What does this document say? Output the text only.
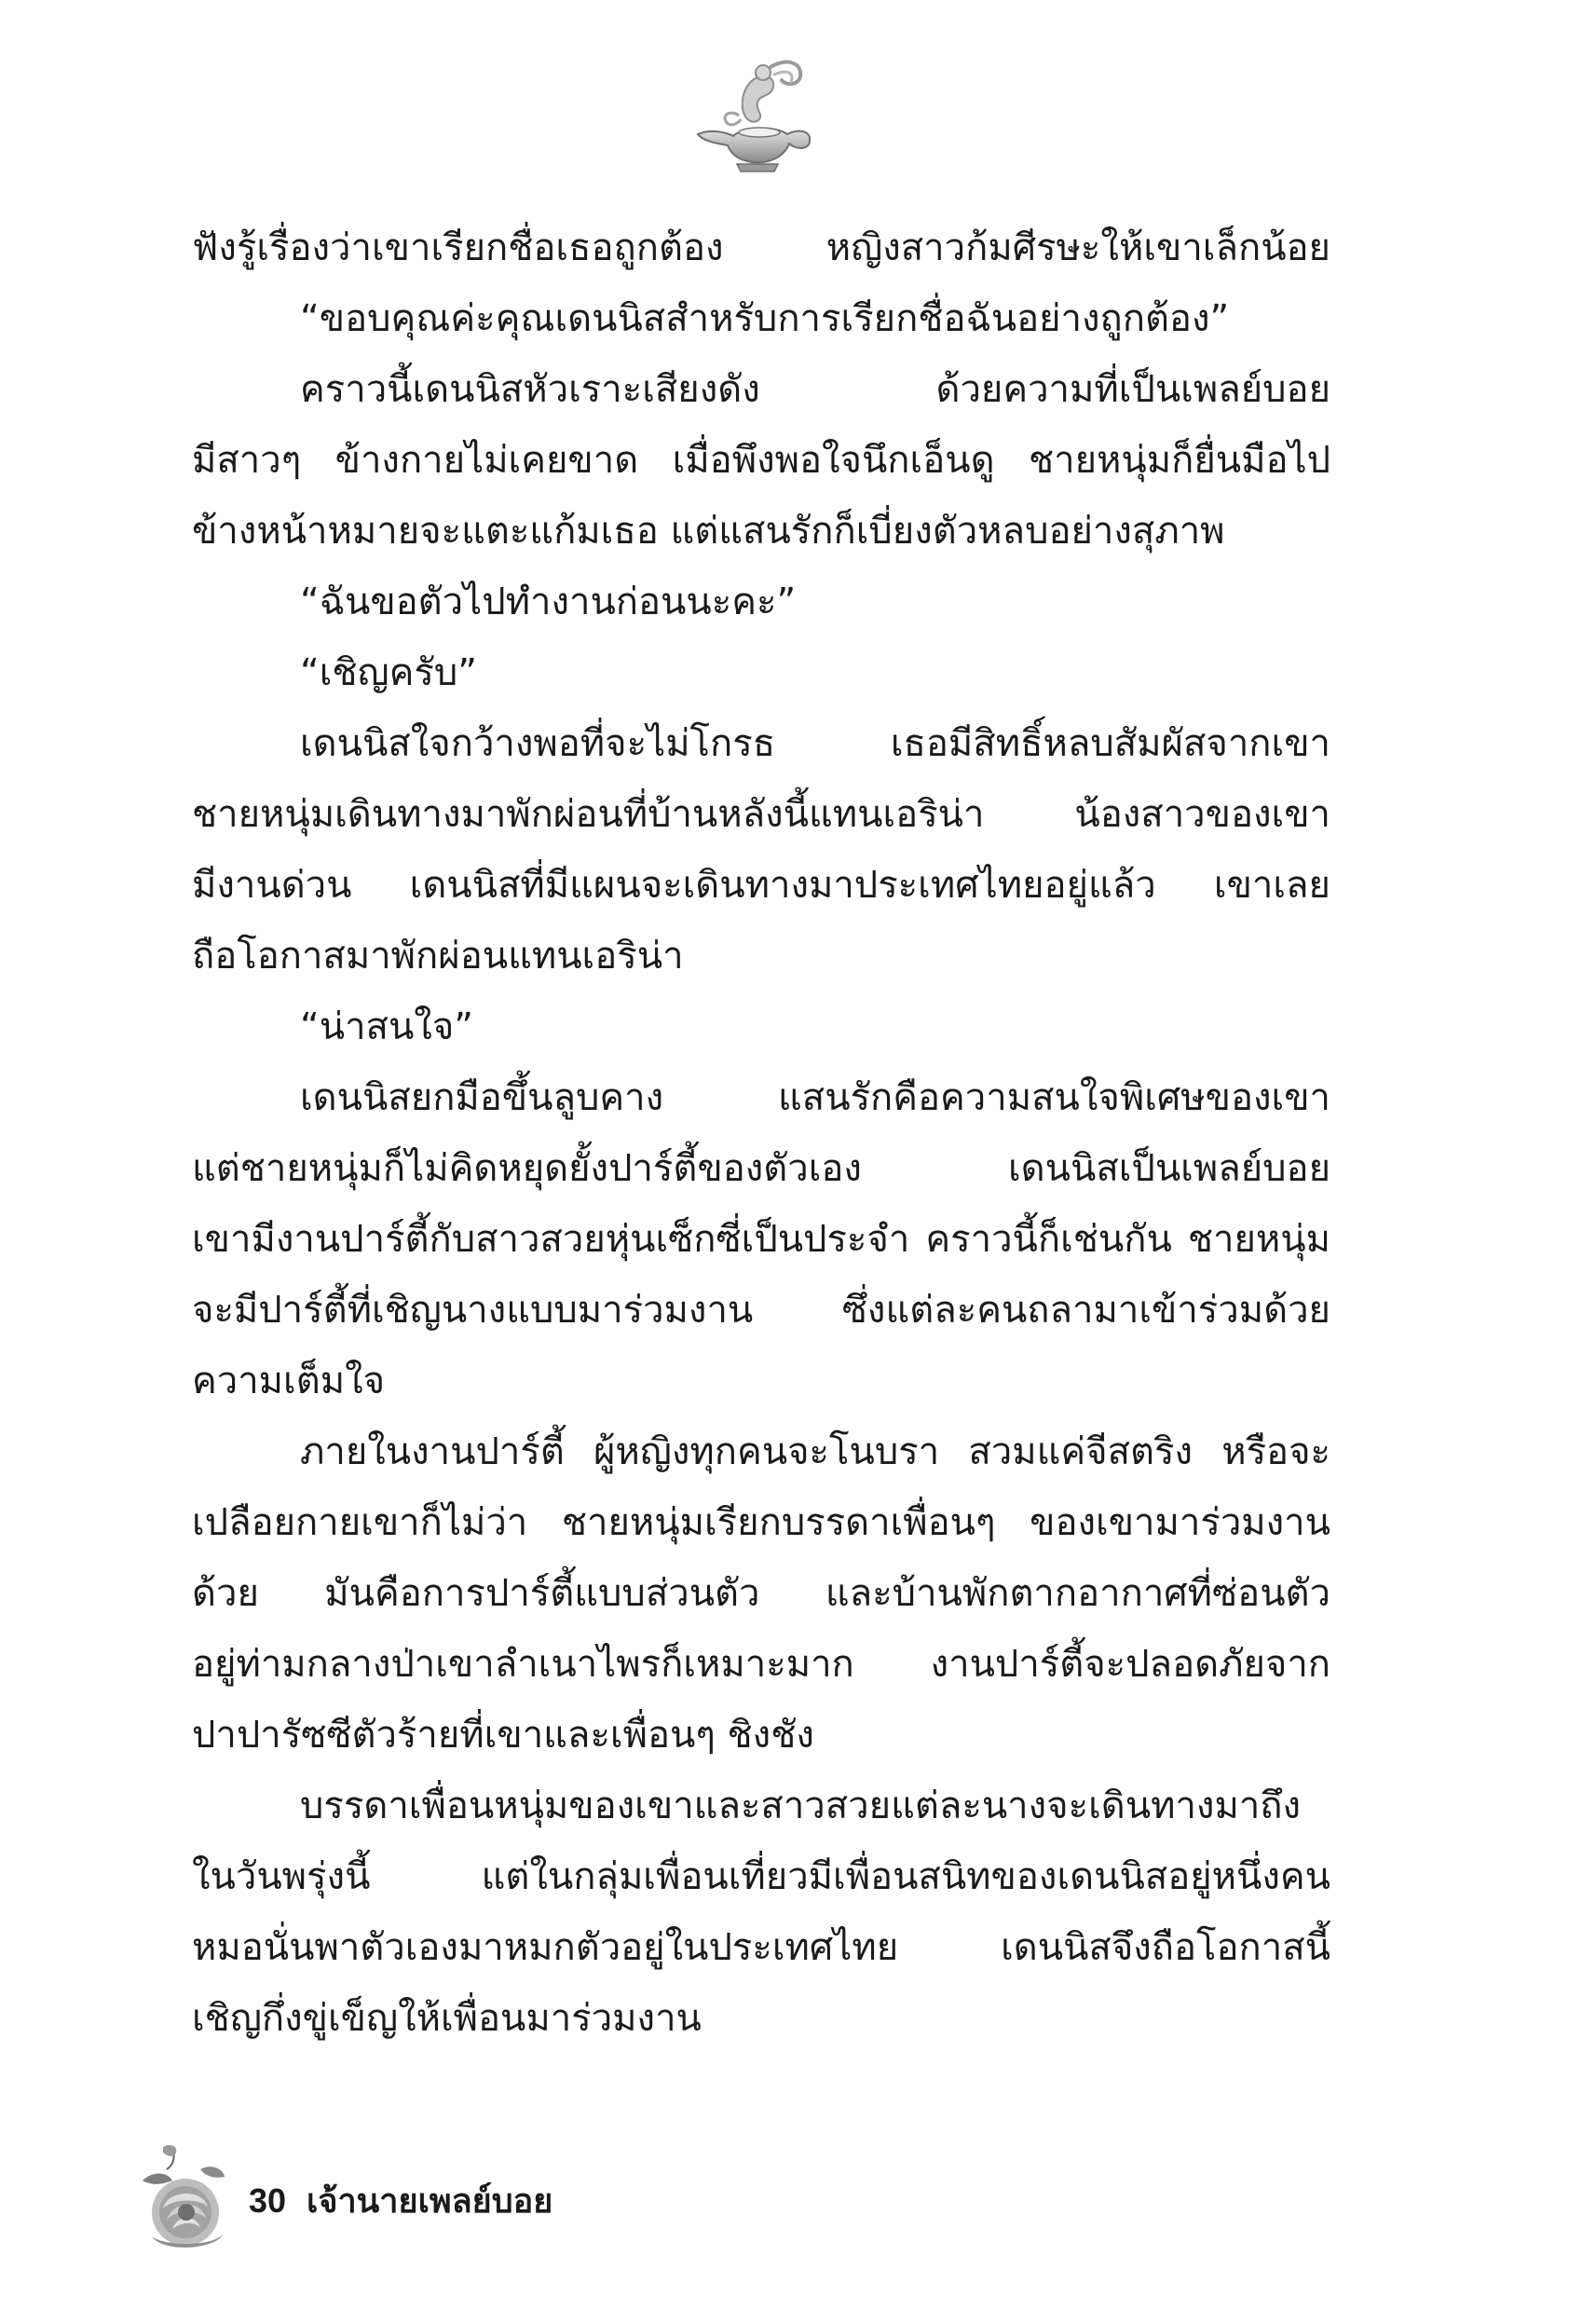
ฟังรู้เรื่องว่าเขาเรียกชื่อเธอถูกต้อง หญิงสาวก้มศีรษะให้เขาเล็กน้อย
“ขอบคุณค่ะคุณเดนนิสสำหรับการเรียกชื่อฉันอย่างถูกต้อง”
คราวนี้เดนนิสหัวเราะเสียงดัง ด้วยความที่เป็นเพลย์บอย
มีสาวๆ ข้างกายไม่เคยขาด เมื่อพึงพอใจนึกเอ็นดู ชายหนุ่มก็ยื่นมือไป
ข้างหน้าหมายจะแตะแก้มเธอ แต่แสนรักก็เบี่ยงตัวหลบอย่างสุภาพ
“ฉันขอตัวไปทำงานก่อนนะคะ”
“เชิญครับ”
เดนนิสใจกว้างพอที่จะไม่โกรธ เธอมีสิทธิ์หลบสัมผัสจากเขา
ชายหนุ่มเดินทางมาพักผ่อนที่บ้านหลังนี้แทนเอริน่า น้องสาวของเขา
มีงานด่วน เดนนิสที่มีแผนจะเดินทางมาประเทศไทยอยู่แล้ว เขาเลย
ถือโอกาสมาพักผ่อนแทนเอริน่า
“น่าสนใจ”
เดนนิสยกมือขึ้นลูบคาง แสนรักคือความสนใจพิเศษของเขา
แต่ชายหนุ่มก็ไม่คิดหยุดยั้งปาร์ตี้ของตัวเอง เดนนิสเป็นเพลย์บอย
เขามีงานปาร์ตี้กับสาวสวยหุ่นเซ็กซี่เป็นประจำ คราวนี้ก็เช่นกัน ชายหนุ่ม
จะมีปาร์ตี้ที่เชิญนางแบบมาร่วมงาน ซึ่งแต่ละคนถลามาเข้าร่วมด้วย
ความเต็มใจ
ภายในงานปาร์ตี้ ผู้หญิงทุกคนจะโนบรา สวมแค่จีสตริง หรือจะ
เปลือยกายเขาก็ไม่ว่า ชายหนุ่มเรียกบรรดาเพื่อนๆ ของเขามาร่วมงาน
ด้วย มันคือการปาร์ตี้แบบส่วนตัว และบ้านพักตากอากาศที่ซ่อนตัว
อยู่ท่ามกลางป่าเขาลำเนาไพรก็เหมาะมาก งานปาร์ตี้จะปลอดภัยจาก
ปาปารัซซีตัวร้ายที่เขาและเพื่อนๆ ชิงชัง
บรรดาเพื่อนหนุ่มของเขาและสาวสวยแต่ละนางจะเดินทางมาถึง
ในวันพรุ่งนี้ แต่ในกลุ่มเพื่อนเที่ยวมีเพื่อนสนิทของเดนนิสอยู่หนึ่งคน
หมอนั่นพาตัวเองมาหมกตัวอยู่ในประเทศไทย เดนนิสจึงถือโอกาสนี้
เชิญกึ่งขู่เข็ญให้เพื่อนมาร่วมงาน
30 เจ้านายเพลย์บอย
